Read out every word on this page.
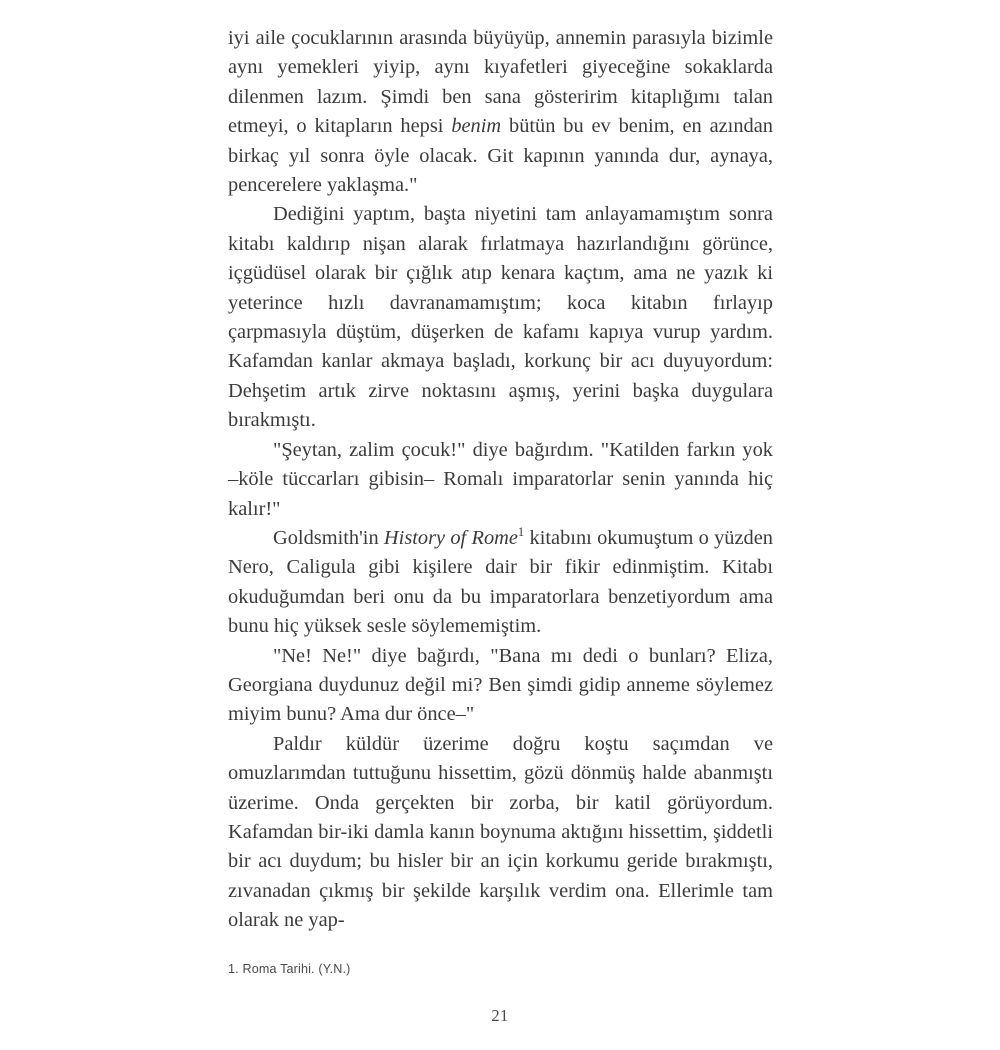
iyi aile çocuklarının arasında büyüyüp, annemin parasıyla bizimle aynı yemekleri yiyip, aynı kıyafetleri giyeceğine sokaklarda dilenmen lazım. Şimdi ben sana gösteririm kitaplığımı talan etmeyi, o kitapların hepsi benim bütün bu ev benim, en azından birkaç yıl sonra öyle olacak. Git kapının yanında dur, aynaya, pencerelere yaklaşma."

Dediğini yaptım, başta niyetini tam anlayamamıştım sonra kitabı kaldırıp nişan alarak fırlatmaya hazırlandığını görünce, içgüdüsel olarak bir çığlık atıp kenara kaçtım, ama ne yazık ki yeterince hızlı davranamamıştım; koca kitabın fırlayıp çarpmasıyla düştüm, düşerken de kafamı kapıya vurup yardım. Kafamdan kanlar akmaya başladı, korkunç bir acı duyuyordum: Dehşetim artık zirve noktasını aşmış, yerini başka duygulara bırakmıştı.

"Şeytan, zalim çocuk!" diye bağırdım. "Katilden farkın yok –köle tüccarları gibisin– Romalı imparatorlar senin yanında hiç kalır!"

Goldsmith'in History of Rome$^1$ kitabını okumuştum o yüzden Nero, Caligula gibi kişilere dair bir fikir edinmiştim. Kitabı okuduğumdan beri onu da bu imparatorlara benzetiyordum ama bunu hiç yüksek sesle söylememiştim.

"Ne! Ne!" diye bağırdı, "Bana mı dedi o bunları? Eliza, Georgiana duydunuz değil mi? Ben şimdi gidip anneme söylemez miyim bunu? Ama dur önce–"

Paldır küldür üzerime doğru koştu saçımdan ve omuzlarımdan tuttuğunu hissettim, gözü dönmüş halde abanmıştı üzerime. Onda gerçekten bir zorba, bir katil görüyordum. Kafamdan bir-iki damla kanın boynuma aktığını hissettim, şiddetli bir acı duydum; bu hisler bir an için korkumu geride bırakmıştı, zıvanadan çıkmış bir şekilde karşılık verdim ona. Ellerimle tam olarak ne yap-

1. Roma Tarihi. (Y.N.)
21
